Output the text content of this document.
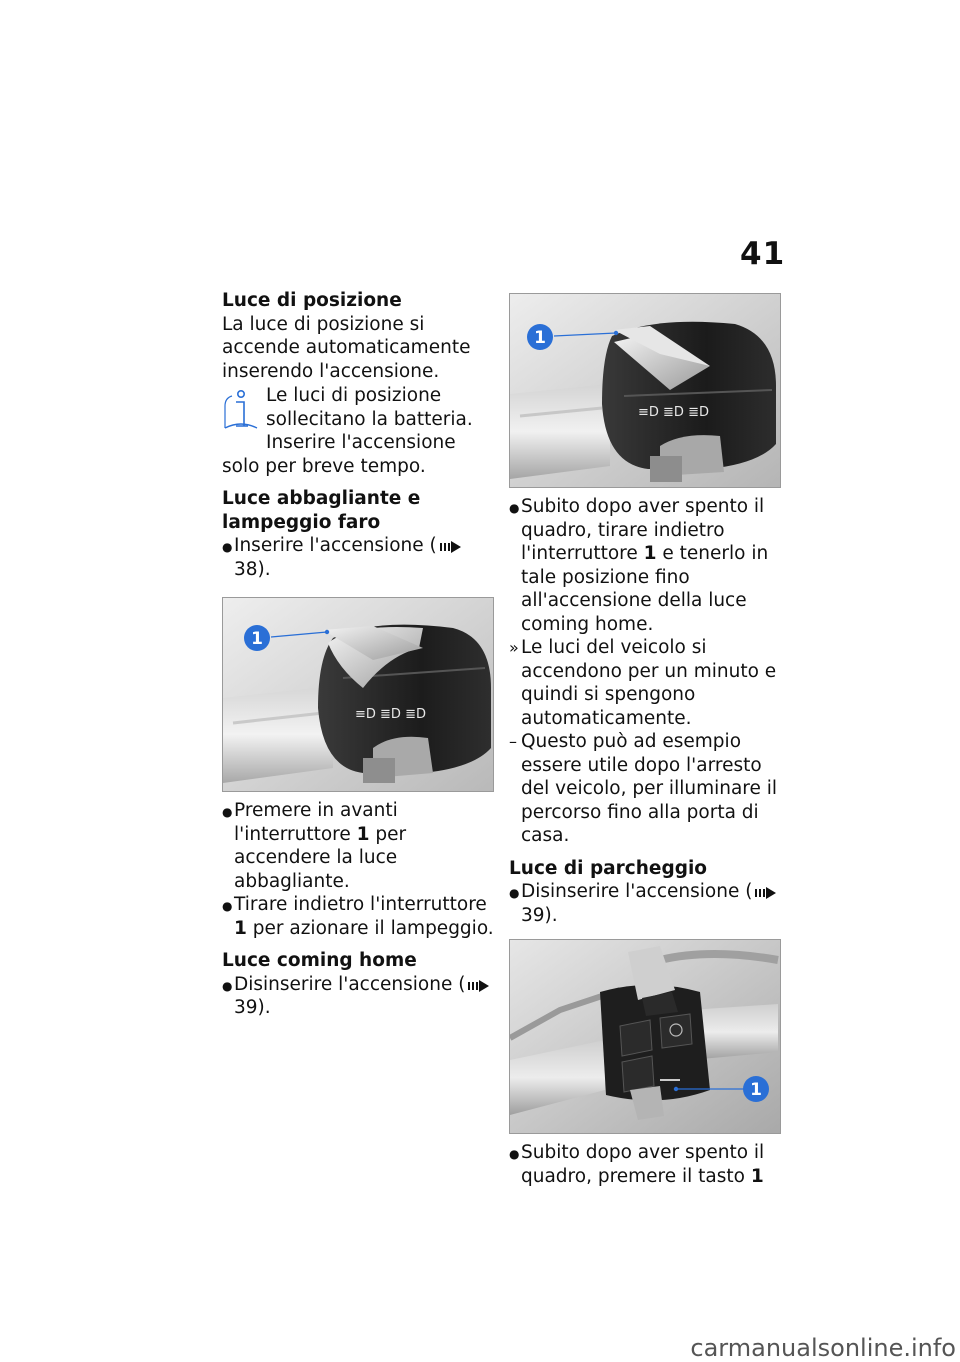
41

Luce di posizione

La luce di posizione si accende automaticamente inserendo l'accensione.

Le luci di posizione sollecitano la batteria. Inserire l'accensione solo per breve tempo.

Luce abbagliante e lampeggio faro

● Inserire l'accensione (38).

≡D ≣D ≣D
1

● Premere in avanti l'interruttore 1 per accendere la luce abbagliante.

● Tirare indietro l'interruttore 1 per azionare il lampeggio.

Luce coming home

● Disinserire l'accensione (39).

≡D ≣D ≣D
1

● Subito dopo aver spento il quadro, tirare indietro l'interruttore 1 e tenerlo in tale posizione fino all'accensione della luce coming home.

» Le luci del veicolo si accendono per un minuto e quindi si spengono automaticamente.

– Questo può ad esempio essere utile dopo l'arresto del veicolo, per illuminare il percorso fino alla porta di casa.

Luce di parcheggio

● Disinserire l'accensione (39).

1

● Subito dopo aver spento il quadro, premere il tasto 1

carmanualsonline.info
